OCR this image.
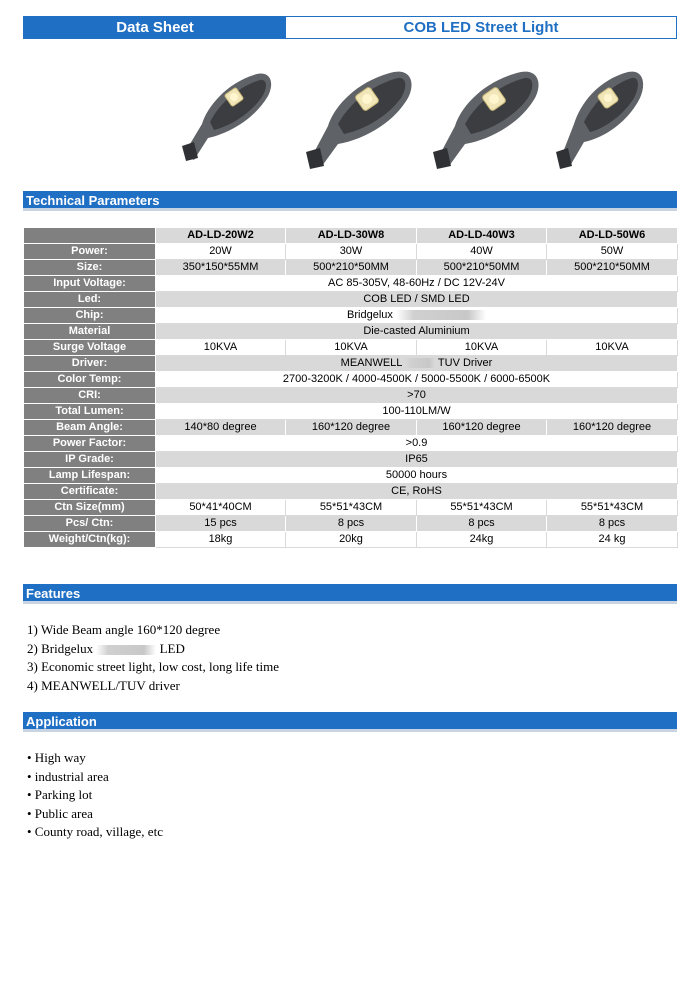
Data Sheet	COB LED Street Light
Technical Parameters
	AD-LD-20W2	AD-LD-30W8	AD-LD-40W3	AD-LD-50W6
Power:	20W	30W	40W	50W
Size:	350*150*55MM	500*210*50MM	500*210*50MM	500*210*50MM
Input Voltage:	AC 85-305V, 48-60Hz / DC 12V-24V			
Led:	COB LED / SMD LED			
Chip:	Bridgelux			
Material	Die-casted Aluminium			
Surge Voltage	10KVA	10KVA	10KVA	10KVA
Driver:	MEANWELL TUV Driver			
Color Temp:	2700-3200K / 4000-4500K / 5000-5500K / 6000-6500K			
CRI:	>70			
Total Lumen:	100-110LM/W			
Beam Angle:	140*80 degree	160*120 degree	160*120 degree	160*120 degree
Power Factor:	>0.9			
IP Grade:	IP65			
Lamp Lifespan:	50000 hours			
Certificate:	CE, RoHS			
Ctn Size(mm)	50*41*40CM	55*51*43CM	55*51*43CM	55*51*43CM
Pcs/ Ctn:	15 pcs	8 pcs	8 pcs	8 pcs
Weight/Ctn(kg):	18kg	20kg	24kg	24 kg
Features
1) Wide Beam angle 160*120 degree
2) Bridgelux	LED
3) Economic street light, low cost, long life time
4) MEANWELL/TUV driver
Application
• High way
• industrial area
• Parking lot
• Public area
• County road, village, etc
